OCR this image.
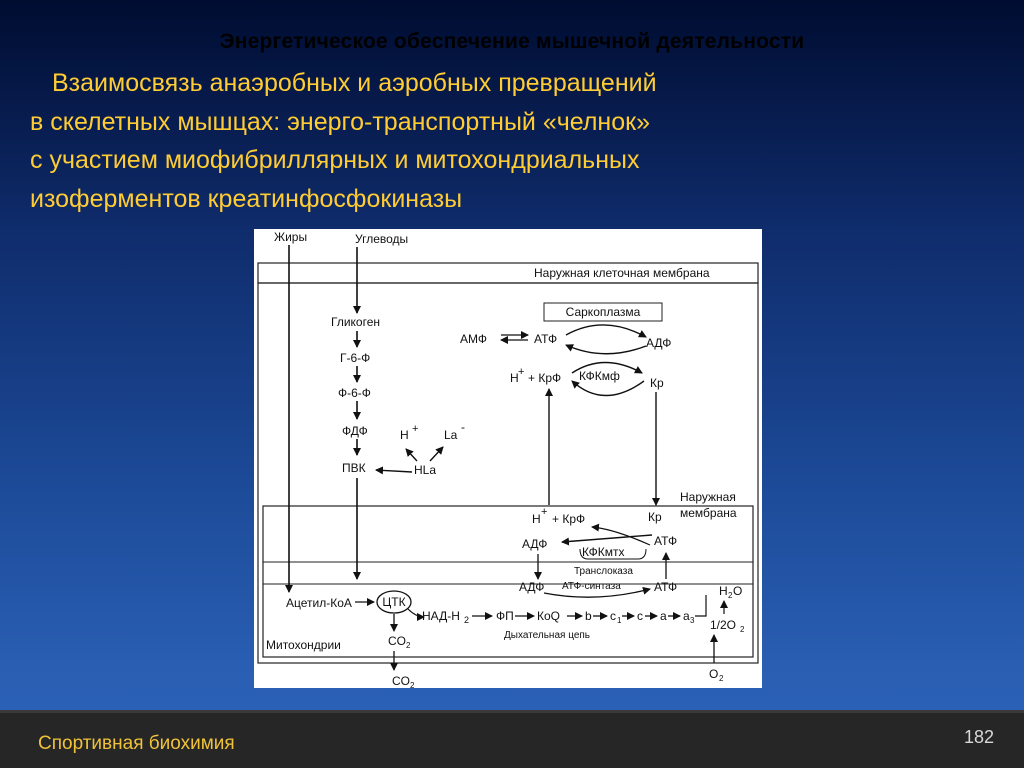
Энергетическое обеспечение мышечной деятельности
Взаимосвязь анаэробных и аэробных превращений
в скелетных мышцах: энерго-транспортный «челнок»
с участием миофибриллярных и митохондриальных
изоферментов креатинфосфокиназы
Жиры	Углеводы
Наружная клеточная мембрана
Гликоген
Г-6-Ф
Ф-6-Ф
ФДФ
ПВК	HLa
Н + La
-
Саркоплазма
АМФ	АТФ	АДФ
Н + + КрФ КФКмф	Кр
Наружная
мембрана
Н + + КрФ	Кр
АДФ	АТФ
КФКмтх
Транслоказа
АДФ АТФ-синтаза	АТФ
Ацетил-КоА	ЦТК
НАД-Н 2 ФП КоQ b c 1 c a a 3
Дыхательная цепь
H 2 O
1/2O 2
O 2
CO 2
CO 2
Митохондрии
Спортивная биохимия	182
